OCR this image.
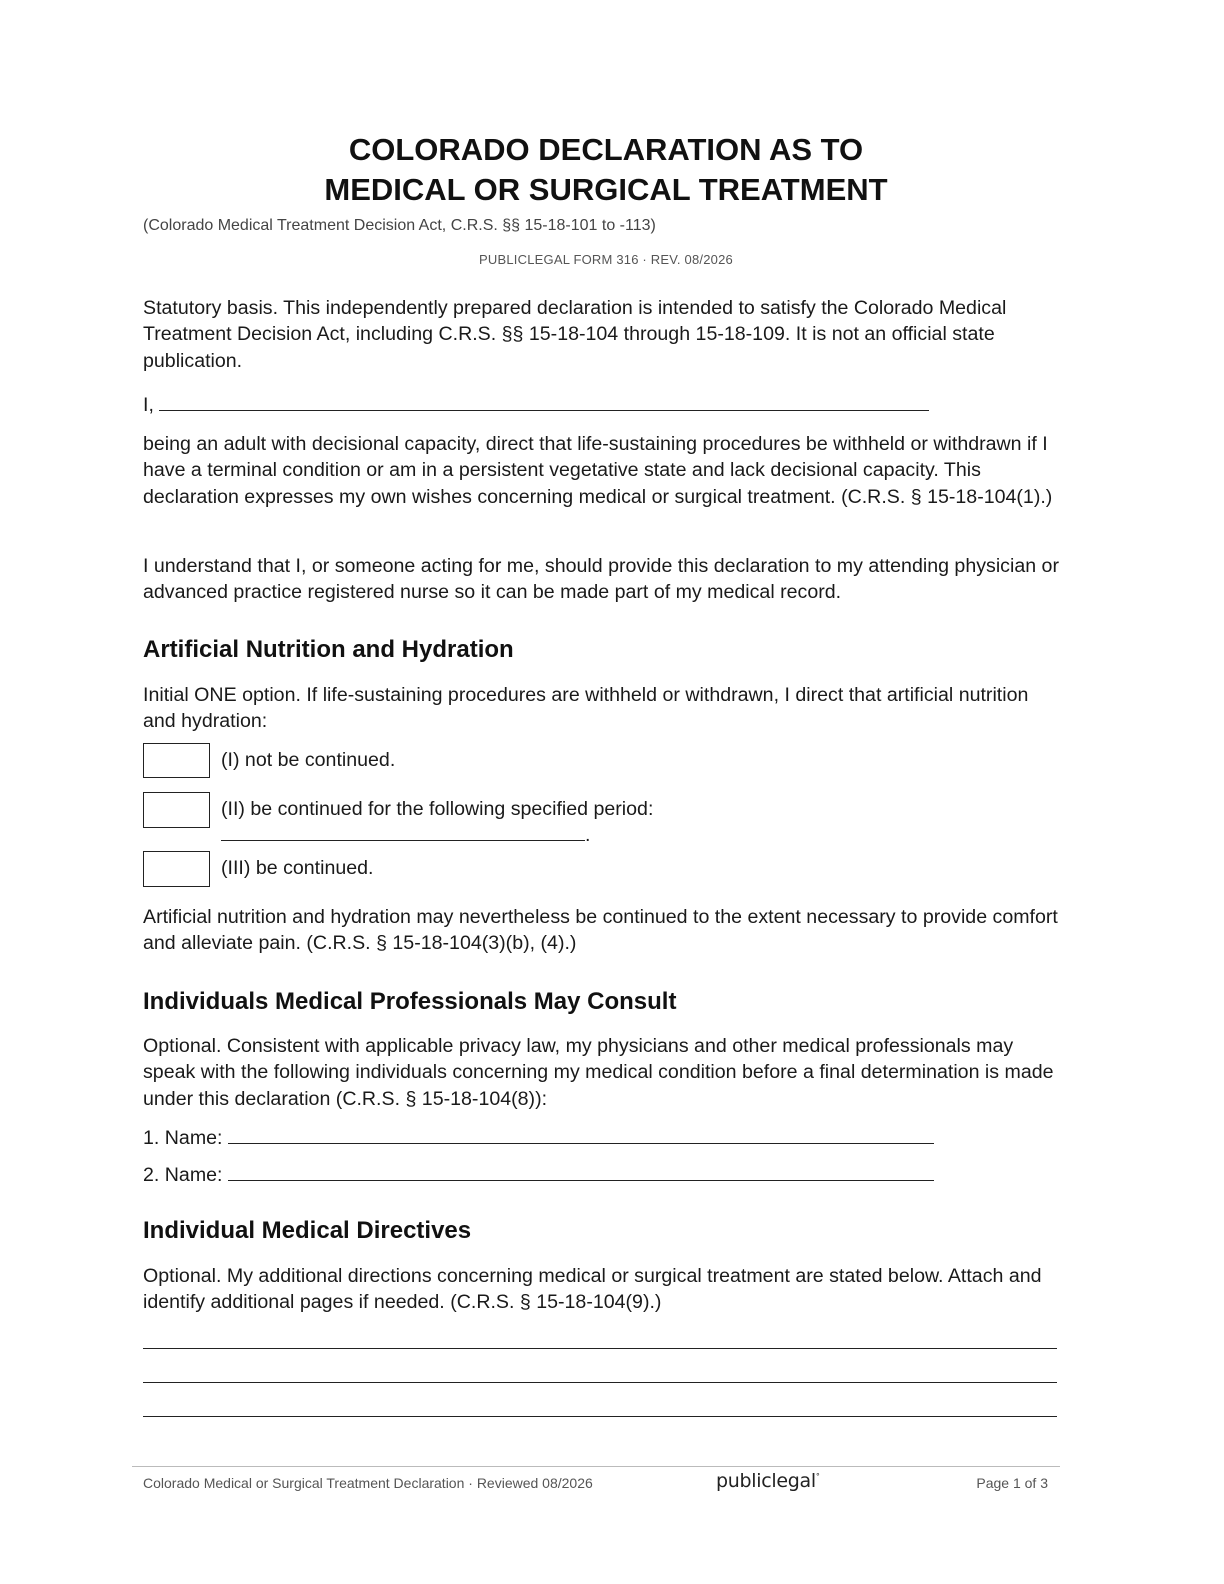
COLORADO DECLARATION AS TO
MEDICAL OR SURGICAL TREATMENT
(Colorado Medical Treatment Decision Act, C.R.S. §§ 15-18-101 to -113)
PUBLICLEGAL FORM 316 · REV. 08/2026
Statutory basis. This independently prepared declaration is intended to satisfy the Colorado Medical Treatment Decision Act, including C.R.S. §§ 15-18-104 through 15-18-109. It is not an official state publication.
I,
being an adult with decisional capacity, direct that life-sustaining procedures be withheld or withdrawn if I have a terminal condition or am in a persistent vegetative state and lack decisional capacity. This declaration expresses my own wishes concerning medical or surgical treatment. (C.R.S. § 15-18-104(1).)
I understand that I, or someone acting for me, should provide this declaration to my attending physician or advanced practice registered nurse so it can be made part of my medical record.
Artificial Nutrition and Hydration
Initial ONE option. If life-sustaining procedures are withheld or withdrawn, I direct that artificial nutrition and hydration:
(I) not be continued.
(II) be continued for the following specified period:
.
(III) be continued.
Artificial nutrition and hydration may nevertheless be continued to the extent necessary to provide comfort and alleviate pain. (C.R.S. § 15-18-104(3)(b), (4).)
Individuals Medical Professionals May Consult
Optional. Consistent with applicable privacy law, my physicians and other medical professionals may speak with the following individuals concerning my medical condition before a final determination is made under this declaration (C.R.S. § 15-18-104(8)):
1. Name:
2. Name:
Individual Medical Directives
Optional. My additional directions concerning medical or surgical treatment are stated below. Attach and identify additional pages if needed. (C.R.S. § 15-18-104(9).)
Colorado Medical or Surgical Treatment Declaration · Reviewed 08/2026	publiclegal°	Page 1 of 3
